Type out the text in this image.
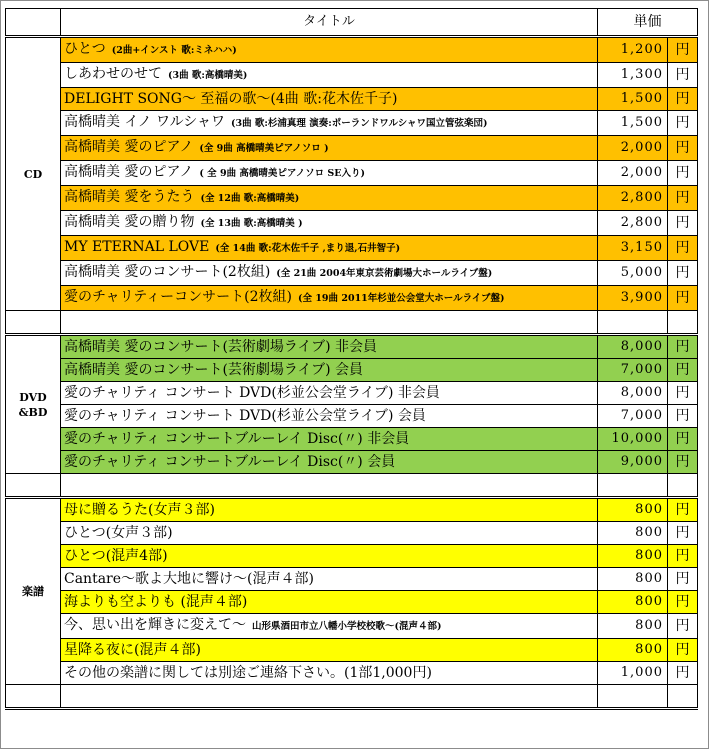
	タイトル	単価	
CD	ひとつ (2曲+インスト 歌:ミネハハ)	1,200	円
	しあわせのせて (3曲 歌:高橋晴美)	1,300	円
	DELIGHT SONG～ 至福の歌～(4曲 歌:花木佐千子)	1,500	円
	高橋晴美 イノ ワルシャワ (3曲 歌:杉浦真理 演奏:ポーランドワルシャワ国立管弦楽団)	1,500	円
	高橋晴美 愛のピアノ (全 9曲 高橋晴美ピアノソロ )	2,000	円
	高橋晴美 愛のピアノ ( 全 9曲 高橋晴美ピアノソロ SE入り)	2,000	円
	高橋晴美 愛をうたう (全 12曲 歌:高橋晴美)	2,800	円
	高橋晴美 愛の贈り物 (全 13曲 歌:高橋晴美 )	2,800	円
	MY ETERNAL LOVE (全 14曲 歌:花木佐千子 ,まり退,石井智子)	3,150	円
	高橋晴美 愛のコンサート(2枚組) (全 21曲 2004年東京芸術劇場大ホールライブ盤)	5,000	円
	愛のチャリティーコンサート(2枚組) (全 19曲 2011年杉並公会堂大ホールライブ盤)	3,900	円

DVD
&BD	高橋晴美 愛のコンサート(芸術劇場ライブ) 非会員	8,000	円
	高橋晴美 愛のコンサート(芸術劇場ライブ) 会員	7,000	円
	愛のチャリティ コンサート DVD(杉並公会堂ライブ) 非会員	8,000	円
	愛のチャリティ コンサート DVD(杉並公会堂ライブ) 会員	7,000	円
	愛のチャリティ コンサートブルーレイ Disc(〃) 非会員	10,000	円
	愛のチャリティ コンサートブルーレイ Disc(〃) 会員	9,000	円

楽譜	母に贈るうた(女声３部)	800	円
	ひとつ(女声３部)	800	円
	ひとつ(混声4部)	800	円
	Cantare～歌よ大地に響け～(混声４部)	800	円
	海よりも空よりも (混声４部)	800	円
	今、思い出を輝きに変えて～ 山形県酒田市立八幡小学校校歌～(混声４部)	800	円
	星降る夜に(混声４部)	800	円
	その他の楽譜に関しては別途ご連絡下さい。(1部1,000円)	1,000	円
